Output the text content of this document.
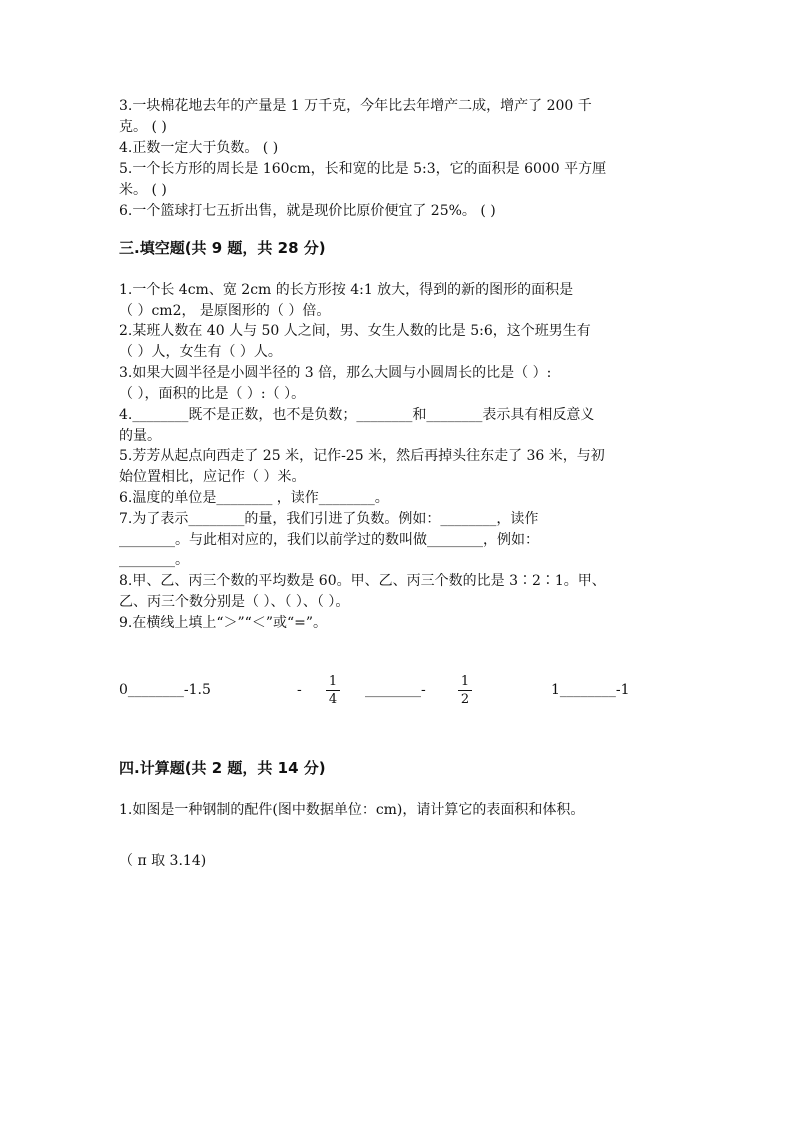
3.一块棉花地去年的产量是 1 万千克，今年比去年增产二成，增产了 200 千
克。 ( )
4.正数一定大于负数。 ( )
5.一个长方形的周长是 160cm，长和宽的比是 5:3，它的面积是 6000 平方厘
米。 ( )
6.一个篮球打七五折出售，就是现价比原价便宜了 25%。 ( )
三.填空题(共 9 题，共 28 分)
1.一个长 4cm、宽 2cm 的长方形按 4:1 放大，得到的新的图形的面积是
（ ）cm2， 是原图形的（ ）倍。
2.某班人数在 40 人与 50 人之间，男、女生人数的比是 5:6，这个班男生有
（ ）人，女生有（ ）人。
3.如果大圆半径是小圆半径的 3 倍，那么大圆与小圆周长的比是（ ）:
（ ），面积的比是（ ）:（ ）。
4.________既不是正数，也不是负数；________和________表示具有相反意义
的量。
5.芳芳从起点向西走了 25 米，记作-25 米，然后再掉头往东走了 36 米，与初
始位置相比，应记作（ ）米。
6.温度的单位是________ ，读作________。
7.为了表示________的量，我们引进了负数。例如：________，读作
________。与此相对应的，我们以前学过的数叫做________，例如：
________。
8.甲、乙、丙三个数的平均数是 60。甲、乙、丙三个数的比是 3∶2∶1。甲、
乙、丙三个数分别是（ ）、（ ）、（ ）。
9.在横线上填上“＞”“＜”或“=”。
0________-1.5	-
1
4
________-
1
2
1________-1
四.计算题(共 2 题，共 14 分)
1.如图是一种钢制的配件(图中数据单位：cm)，请计算它的表面积和体积。
（ π 取 3.14)
